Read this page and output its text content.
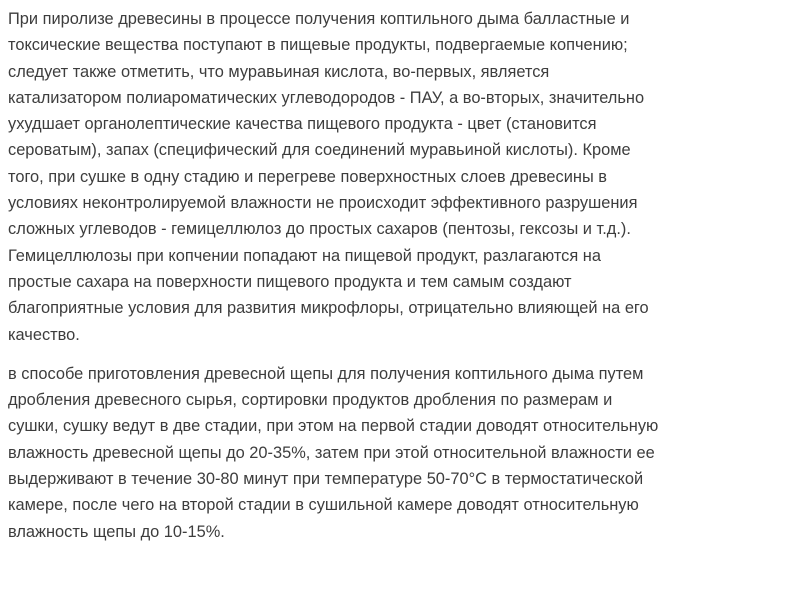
При пиролизе древесины в процессе получения коптильного дыма балластные и
токсические вещества поступают в пищевые продукты, подвергаемые копчению;
следует также отметить, что муравьиная кислота, во-первых, является
катализатором полиароматических углеводородов - ПАУ, а во-вторых, значительно
ухудшает органолептические качества пищевого продукта - цвет (становится
сероватым), запах (специфический для соединений муравьиной кислоты). Кроме
того, при сушке в одну стадию и перегреве поверхностных слоев древесины в
условиях неконтролируемой влажности не происходит эффективного разрушения
сложных углеводов - гемицеллюлоз до простых сахаров (пентозы, гексозы и т.д.).
Гемицеллюлозы при копчении попадают на пищевой продукт, разлагаются на
простые сахара на поверхности пищевого продукта и тем самым создают
благоприятные условия для развития микрофлоры, отрицательно влияющей на его
качество.

в способе приготовления древесной щепы для получения коптильного дыма путем
дробления древесного сырья, сортировки продуктов дробления по размерам и
сушки, сушку ведут в две стадии, при этом на первой стадии доводят относительную
влажность древесной щепы до 20-35%, затем при этой относительной влажности ее
выдерживают в течение 30-80 минут при температуре 50-70°С в термостатической
камере, после чего на второй стадии в сушильной камере доводят относительную
влажность щепы до 10-15%.
